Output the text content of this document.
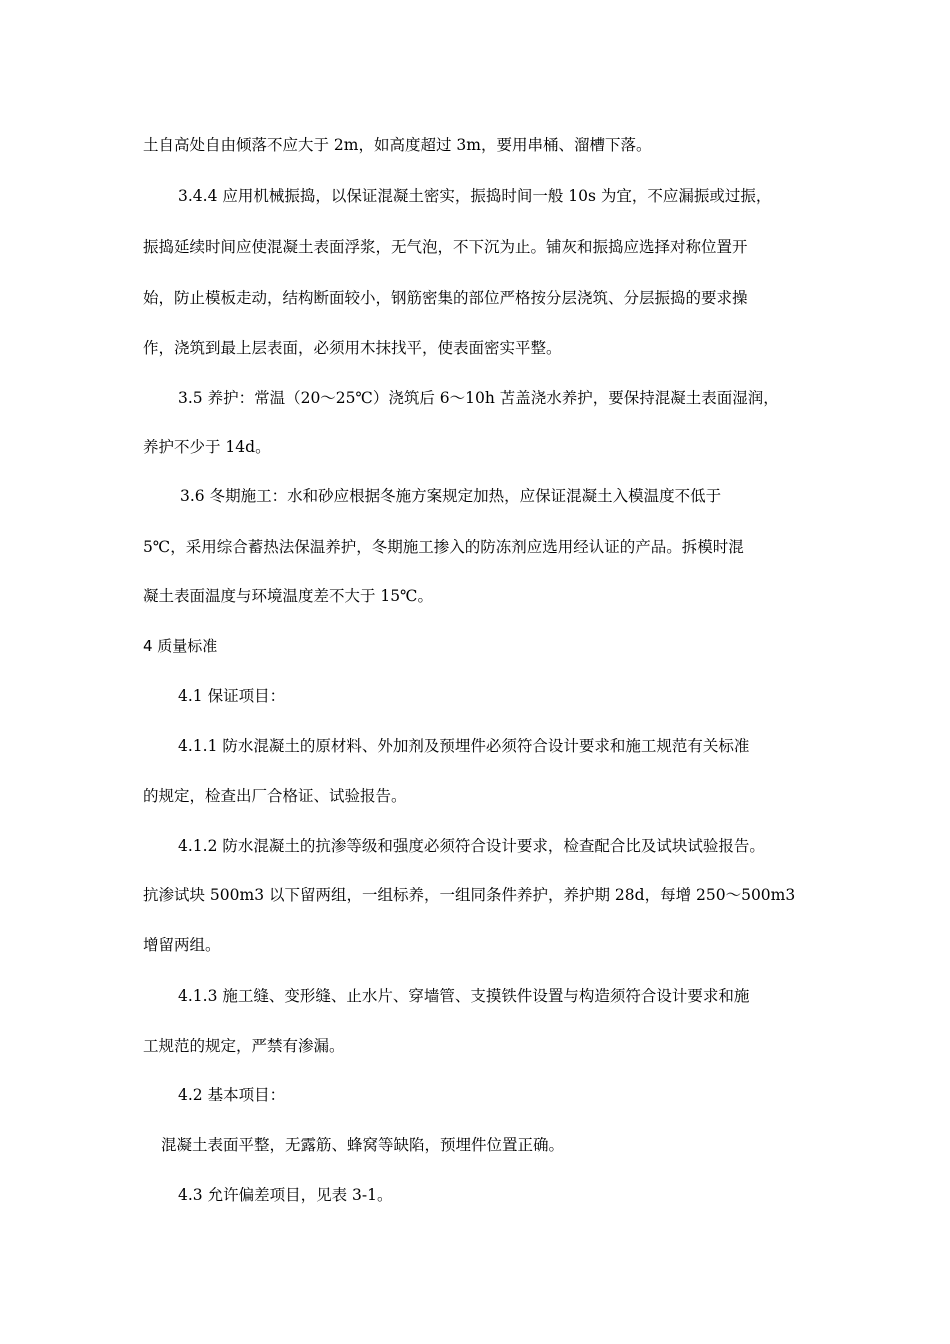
土自高处自由倾落不应大于 2m，如高度超过 3m，要用串桶、溜槽下落。
3.4.4 应用机械振捣，以保证混凝土密实，振捣时间一般 10s 为宜，不应漏振或过振，
振捣延续时间应使混凝土表面浮浆，无气泡，不下沉为止。铺灰和振捣应选择对称位置开
始，防止模板走动，结构断面较小，钢筋密集的部位严格按分层浇筑、分层振捣的要求操
作，浇筑到最上层表面，必须用木抹找平，使表面密实平整。
3.5 养护：常温（20～25℃）浇筑后 6～10h 苫盖浇水养护，要保持混凝土表面湿润，
养护不少于 14d。
3.6 冬期施工：水和砂应根据冬施方案规定加热，应保证混凝土入模温度不低于
5℃，采用综合蓄热法保温养护，冬期施工掺入的防冻剂应选用经认证的产品。拆模时混
凝土表面温度与环境温度差不大于 15℃。
4 质量标准
4.1 保证项目：
4.1.1 防水混凝土的原材料、外加剂及预埋件必须符合设计要求和施工规范有关标准
的规定，检查出厂合格证、试验报告。
4.1.2 防水混凝土的抗渗等级和强度必须符合设计要求，检查配合比及试块试验报告。
抗渗试块 500m3 以下留两组，一组标养，一组同条件养护，养护期 28d，每增 250～500m3
增留两组。
4.1.3 施工缝、变形缝、止水片、穿墙管、支摸铁件设置与构造须符合设计要求和施
工规范的规定，严禁有渗漏。
4.2 基本项目：
混凝土表面平整，无露筋、蜂窝等缺陷，预埋件位置正确。
4.3 允许偏差项目，见表 3-1。
